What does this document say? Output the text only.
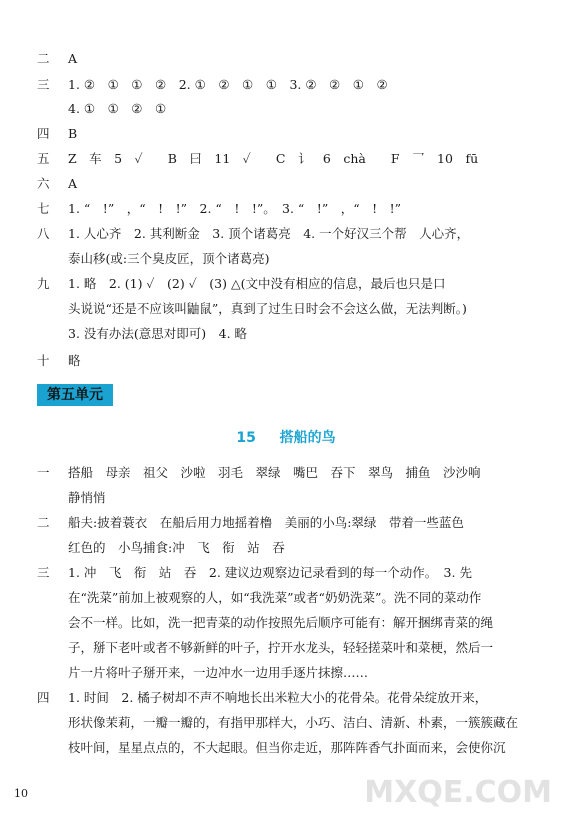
二 A
三 1. ②　①　①　②　2. ①　②　①　①　3. ②　②　①　②
4. ①　①　②　①
四 B
五 Z　车　5　✓　　B　曰　11　✓　　C　讠　6　chà　　F　乛　10　fū
六 A
七 1. “　!”　，“　!　!”　2. “　!　!”。　3. “　!”　，“　!　!”
八 1. 人心齐　2. 其利断金　3. 顶个诸葛亮　4. 一个好汉三个帮　人心齐，
泰山移(或:三个臭皮匠，顶个诸葛亮)
九 1. 略　2. (1) ✓　(2) ✓　(3) △(文中没有相应的信息，最后也只是口
头说说“还是不应该叫鼬鼠”，真到了过生日时会不会这么做，无法判断。)
3. 没有办法(意思对即可)　4. 略
十 略
第五单元
15 搭船的鸟
一 搭船　母亲　祖父　沙啦　羽毛　翠绿　嘴巴　吞下　翠鸟　捕鱼　沙沙响
静悄悄
二 船夫:披着蓑衣　在船后用力地摇着橹　美丽的小鸟:翠绿　带着一些蓝色
红色的　小鸟捕食:冲　飞　衔　站　吞
三 1. 冲　飞　衔　站　吞　2. 建议边观察边记录看到的每一个动作。　3. 先
在“洗菜”前加上被观察的人，如“我洗菜”或者“奶奶洗菜”。洗不同的菜动作
会不一样。比如，洗一把青菜的动作按照先后顺序可能有：解开捆绑青菜的绳
子，掰下老叶或者不够新鲜的叶子，拧开水龙头，轻轻搓菜叶和菜梗，然后一
片一片将叶子掰开来，一边冲水一边用手逐片抹擦……
四 1. 时间　2. 橘子树却不声不响地长出米粒大小的花骨朵。花骨朵绽放开来，
形状像茉莉，一瓣一瓣的，有指甲那样大，小巧、洁白、清新、朴素，一簇簇藏在
枝叶间，星星点点的，不大起眼。但当你走近，那阵阵香气扑面而来，会使你沉
10	MXQE.COM
